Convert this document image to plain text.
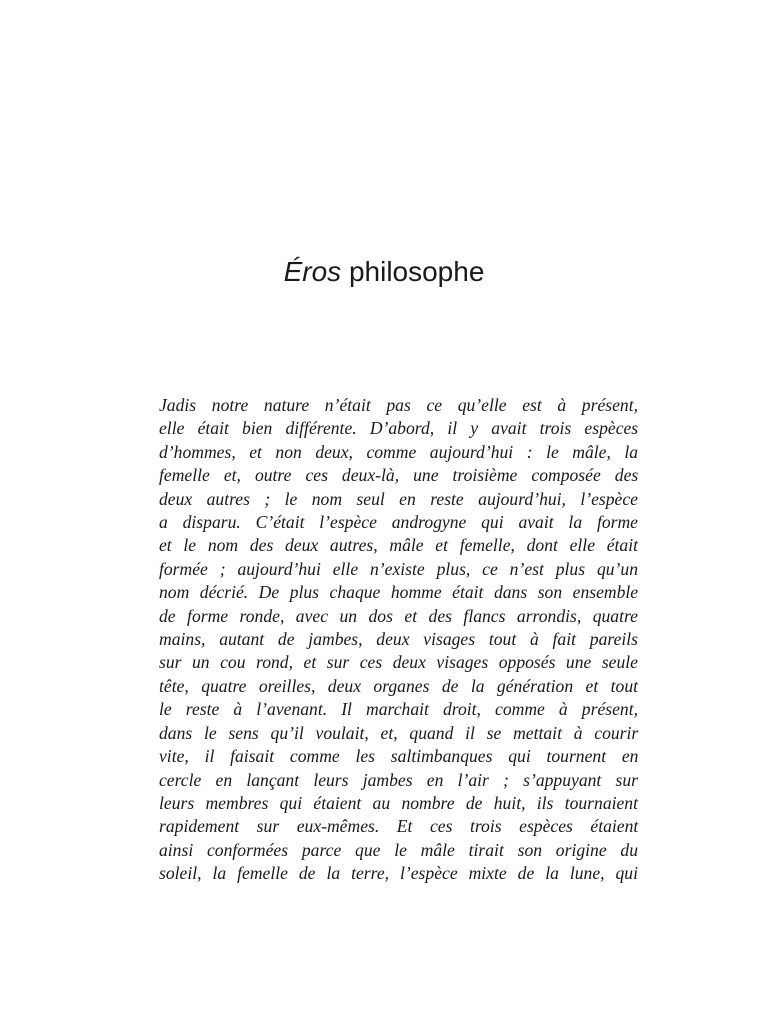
Éros philosophe
Jadis notre nature n’était pas ce qu’elle est à présent,
elle était bien différente. D’abord, il y avait trois espèces
d’hommes, et non deux, comme aujourd’hui : le mâle, la
femelle et, outre ces deux-là, une troisième composée des
deux autres ; le nom seul en reste aujourd’hui, l’espèce
a disparu. C’était l’espèce androgyne qui avait la forme
et le nom des deux autres, mâle et femelle, dont elle était
formée ; aujourd’hui elle n’existe plus, ce n’est plus qu’un
nom décrié. De plus chaque homme était dans son ensemble
de forme ronde, avec un dos et des flancs arrondis, quatre
mains, autant de jambes, deux visages tout à fait pareils
sur un cou rond, et sur ces deux visages opposés une seule
tête, quatre oreilles, deux organes de la génération et tout
le reste à l’avenant. Il marchait droit, comme à présent,
dans le sens qu’il voulait, et, quand il se mettait à courir
vite, il faisait comme les saltimbanques qui tournent en
cercle en lançant leurs jambes en l’air ; s’appuyant sur
leurs membres qui étaient au nombre de huit, ils tournaient
rapidement sur eux-mêmes. Et ces trois espèces étaient
ainsi conformées parce que le mâle tirait son origine du
soleil, la femelle de la terre, l’espèce mixte de la lune, qui
